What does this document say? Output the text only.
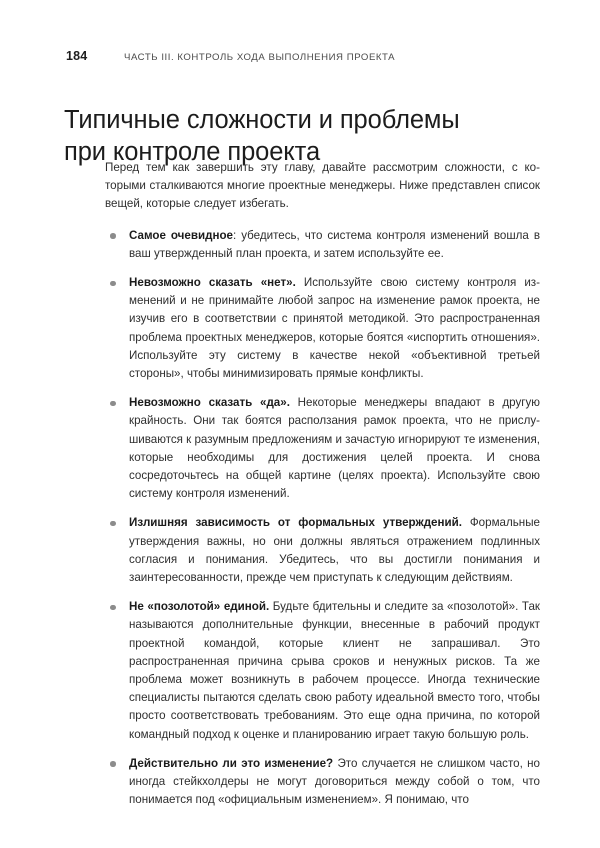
184	ЧАСТЬ III. КОНТРОЛЬ ХОДА ВЫПОЛНЕНИЯ ПРОЕКТА
Типичные сложности и проблемы
при контроле проекта

Перед тем как завершить эту главу, давайте рассмотрим сложности, с которыми сталкиваются многие проектные менеджеры. Ниже представлен список вещей, которые следует избегать.

Самое очевидное: убедитесь, что система контроля изменений вошла в ваш утвержденный план проекта, и затем используйте ее.
Невозможно сказать «нет». Используйте свою систему контроля изменений и не принимайте любой запрос на изменение рамок проекта, не изучив его в соответствии с принятой методикой. Это распространенная проблема проектных менеджеров, которые боятся «испортить отношения». Используйте эту систему в качестве некой «объективной третьей стороны», чтобы минимизировать прямые конфликты.
Невозможно сказать «да». Некоторые менеджеры впадают в другую крайность. Они так боятся расползания рамок проекта, что не прислушиваются к разумным предложениям и зачастую игнорируют те изменения, которые необходимы для достижения целей проекта. И снова сосредоточьтесь на общей картине (целях проекта). Используйте свою систему контроля изменений.
Излишняя зависимость от формальных утверждений. Формальные утверждения важны, но они должны являться отражением подлинных согласия и понимания. Убедитесь, что вы достигли понимания и заинтересованности, прежде чем приступать к следующим действиям.
Не «позолотой» единой. Будьте бдительны и следите за «позолотой». Так называются дополнительные функции, внесенные в рабочий продукт проектной командой, которые клиент не запрашивал. Это распространенная причина срыва сроков и ненужных рисков. Та же проблема может возникнуть в рабочем процессе. Иногда технические специалисты пытаются сделать свою работу идеальной вместо того, чтобы просто соответствовать требованиям. Это еще одна причина, по которой командный подход к оценке и планированию играет такую большую роль.
Действительно ли это изменение? Это случается не слишком часто, но иногда стейкхолдеры не могут договориться между собой о том, что понимается под «официальным изменением». Я понимаю, что
